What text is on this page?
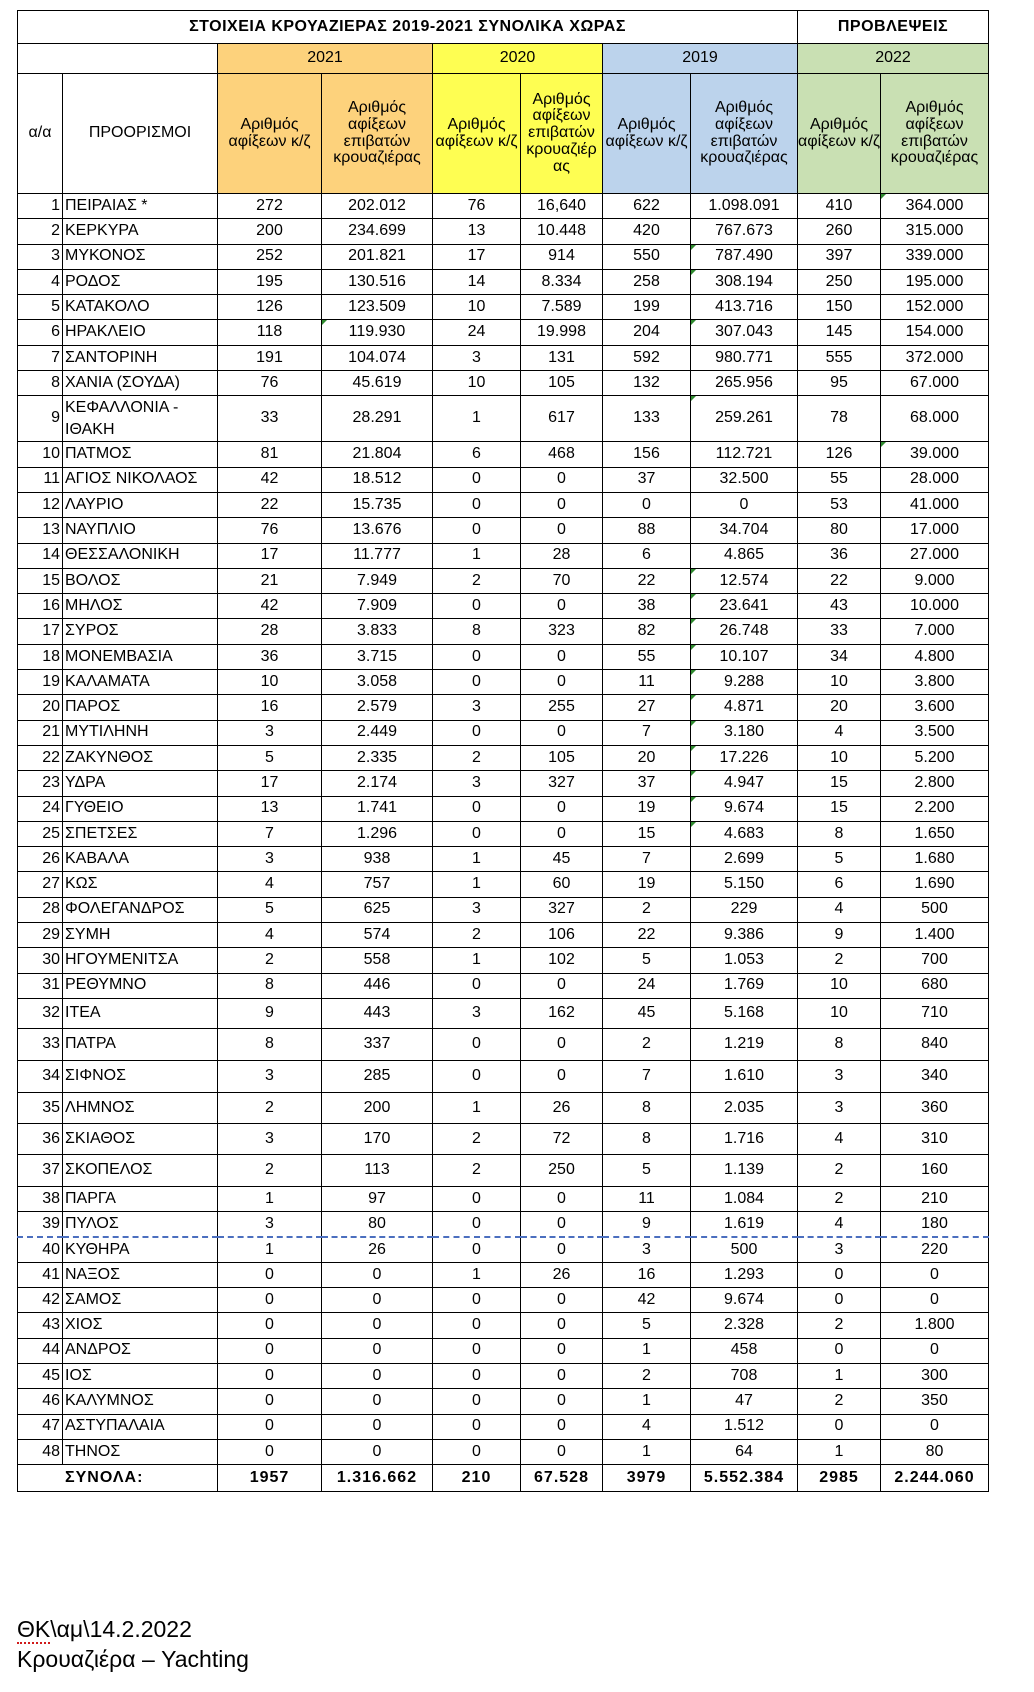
ΣΤΟΙΧΕΙΑ ΚΡΟΥΑΖΙΕΡΑΣ 2019-2021 ΣΥΝΟΛΙΚΑ ΧΩΡΑΣ								ΠΡΟΒΛΕΨΕΙΣ	
		2021		2020		2019		2022	
α/α	ΠΡΟΟΡΙΣΜΟΙ	Αριθμός αφίξεων κ/ζ	Αριθμός αφίξεων επιβατών κρουαζιέρας	Αριθμός αφίξεων κ/ζ	Αριθμός αφίξεων επιβατών κρουαζιέρ ας	Αριθμός αφίξεων κ/ζ	Αριθμός αφίξεων επιβατών κρουαζιέρας	Αριθμός αφίξεων κ/ζ	Αριθμός αφίξεων επιβατών κρουαζιέρας
1	ΠΕΙΡΑΙΑΣ *	272	202.012	76	16,640	622	1.098.091	410	364.000
2	ΚΕΡΚΥΡΑ	200	234.699	13	10.448	420	767.673	260	315.000
3	ΜΥΚΟΝΟΣ	252	201.821	17	914	550	787.490	397	339.000
4	ΡΟΔΟΣ	195	130.516	14	8.334	258	308.194	250	195.000
5	ΚΑΤΑΚΟΛΟ	126	123.509	10	7.589	199	413.716	150	152.000
6	ΗΡΑΚΛΕΙΟ	118	119.930	24	19.998	204	307.043	145	154.000
7	ΣΑΝΤΟΡΙΝΗ	191	104.074	3	131	592	980.771	555	372.000
8	ΧΑΝΙΑ (ΣΟΥΔΑ)	76	45.619	10	105	132	265.956	95	67.000
9	ΚΕΦΑΛΛΟΝΙΑ - ΙΘΑΚΗ	33	28.291	1	617	133	259.261	78	68.000
10	ΠΑΤΜΟΣ	81	21.804	6	468	156	112.721	126	39.000
11	ΑΓΙΟΣ ΝΙΚΟΛΑΟΣ	42	18.512	0	0	37	32.500	55	28.000
12	ΛΑΥΡΙΟ	22	15.735	0	0	0	0	53	41.000
13	ΝΑΥΠΛΙΟ	76	13.676	0	0	88	34.704	80	17.000
14	ΘΕΣΣΑΛΟΝΙΚΗ	17	11.777	1	28	6	4.865	36	27.000
15	ΒΟΛΟΣ	21	7.949	2	70	22	12.574	22	9.000
16	ΜΗΛΟΣ	42	7.909	0	0	38	23.641	43	10.000
17	ΣΥΡΟΣ	28	3.833	8	323	82	26.748	33	7.000
18	ΜΟΝΕΜΒΑΣΙΑ	36	3.715	0	0	55	10.107	34	4.800
19	ΚΑΛΑΜΑΤΑ	10	3.058	0	0	11	9.288	10	3.800
20	ΠΑΡΟΣ	16	2.579	3	255	27	4.871	20	3.600
21	ΜΥΤΙΛΗΝΗ	3	2.449	0	0	7	3.180	4	3.500
22	ΖΑΚΥΝΘΟΣ	5	2.335	2	105	20	17.226	10	5.200
23	ΥΔΡΑ	17	2.174	3	327	37	4.947	15	2.800
24	ΓΥΘΕΙΟ	13	1.741	0	0	19	9.674	15	2.200
25	ΣΠΕΤΣΕΣ	7	1.296	0	0	15	4.683	8	1.650
26	ΚΑΒΑΛΑ	3	938	1	45	7	2.699	5	1.680
27	ΚΩΣ	4	757	1	60	19	5.150	6	1.690
28	ΦΟΛΕΓΑΝΔΡΟΣ	5	625	3	327	2	229	4	500
29	ΣΥΜΗ	4	574	2	106	22	9.386	9	1.400
30	ΗΓΟΥΜΕΝΙΤΣΑ	2	558	1	102	5	1.053	2	700
31	ΡΕΘΥΜΝΟ	8	446	0	0	24	1.769	10	680
32	ΙΤΕΑ	9	443	3	162	45	5.168	10	710
33	ΠΑΤΡΑ	8	337	0	0	2	1.219	8	840
34	ΣΙΦΝΟΣ	3	285	0	0	7	1.610	3	340
35	ΛΗΜΝΟΣ	2	200	1	26	8	2.035	3	360
36	ΣΚΙΑΘΟΣ	3	170	2	72	8	1.716	4	310
37	ΣΚΟΠΕΛΟΣ	2	113	2	250	5	1.139	2	160
38	ΠΑΡΓΑ	1	97	0	0	11	1.084	2	210
39	ΠΥΛΟΣ	3	80	0	0	9	1.619	4	180
40	ΚΥΘΗΡΑ	1	26	0	0	3	500	3	220
41	ΝΑΞΟΣ	0	0	1	26	16	1.293	0	0
42	ΣΑΜΟΣ	0	0	0	0	42	9.674	0	0
43	ΧΙΟΣ	0	0	0	0	5	2.328	2	1.800
44	ΑΝΔΡΟΣ	0	0	0	0	1	458	0	0
45	ΙΟΣ	0	0	0	0	2	708	1	300
46	ΚΑΛΥΜΝΟΣ	0	0	0	0	1	47	2	350
47	ΑΣΤΥΠΑΛΑΙΑ	0	0	0	0	4	1.512	0	0
48	ΤΗΝΟΣ	0	0	0	0	1	64	1	80
ΣΥΝΟΛΑ:		1957	1.316.662	210	67.528	3979	5.552.384	2985	2.244.060
ΘΚ\αμ\14.2.2022
Κρουαζιέρα – Yachting
